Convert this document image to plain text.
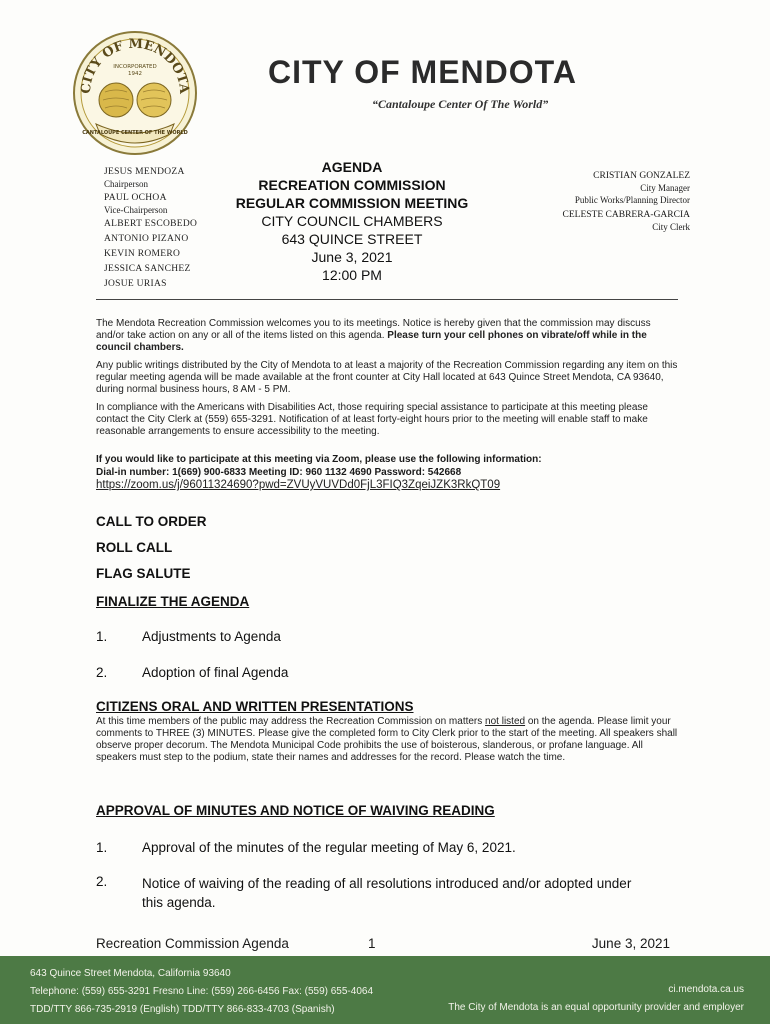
CITY OF MENDOTA
INCORPORATED
1942
CANTALOUPE CENTER OF THE WORLD
CITY OF MENDOTA
“Cantaloupe Center Of The World”
JESUS MENDOZA
Chairperson
PAUL OCHOA
Vice-Chairperson
ALBERT ESCOBEDO
ANTONIO PIZANO
KEVIN ROMERO
JESSICA SANCHEZ
JOSUE URIAS
AGENDA
RECREATION COMMISSION
REGULAR COMMISSION MEETING
CITY COUNCIL CHAMBERS
643 QUINCE STREET
June 3, 2021
12:00 PM
CRISTIAN GONZALEZ
City Manager
Public Works/Planning Director
CELESTE CABRERA-GARCIA
City Clerk

The Mendota Recreation Commission welcomes you to its meetings. Notice is hereby given that the commission may discuss and/or take action on any or all of the items listed on this agenda. Please turn your cell phones on vibrate/off while in the council chambers.

Any public writings distributed by the City of Mendota to at least a majority of the Recreation Commission regarding any item on this regular meeting agenda will be made available at the front counter at City Hall located at 643 Quince Street Mendota, CA 93640, during normal business hours, 8 AM - 5 PM.

In compliance with the Americans with Disabilities Act, those requiring special assistance to participate at this meeting please contact the City Clerk at (559) 655-3291. Notification of at least forty-eight hours prior to the meeting will enable staff to make reasonable arrangements to ensure accessibility to the meeting.

If you would like to participate at this meeting via Zoom, please use the following information:
Dial-in number: 1(669) 900-6833 Meeting ID: 960 1132 4690 Password: 542668
https://zoom.us/j/96011324690?pwd=ZVUyVUVDd0FjL3FIQ3ZqeiJZK3RkQT09
CALL TO ORDER
ROLL CALL
FLAG SALUTE
FINALIZE THE AGENDA
1.	Adjustments to Agenda
2.	Adoption of final Agenda
CITIZENS ORAL AND WRITTEN PRESENTATIONS
At this time members of the public may address the Recreation Commission on matters not listed on the agenda. Please limit your comments to THREE (3) MINUTES. Please give the completed form to City Clerk prior to the start of the meeting. All speakers shall observe proper decorum. The Mendota Municipal Code prohibits the use of boisterous, slanderous, or profane language. All speakers must step to the podium, state their names and addresses for the record. Please watch the time.
APPROVAL OF MINUTES AND NOTICE OF WAIVING READING
1.	Approval of the minutes of the regular meeting of May 6, 2021.
2.	Notice of waiving of the reading of all resolutions introduced and/or adopted under this agenda.
Recreation Commission Agenda	1	June 3, 2021
643 Quince Street Mendota, California 93640
Telephone: (559) 655-3291 Fresno Line: (559) 266-6456 Fax: (559) 655-4064
TDD/TTY 866-735-2919 (English) TDD/TTY 866-833-4703 (Spanish)
ci.mendota.ca.us
The City of Mendota is an equal opportunity provider and employer
